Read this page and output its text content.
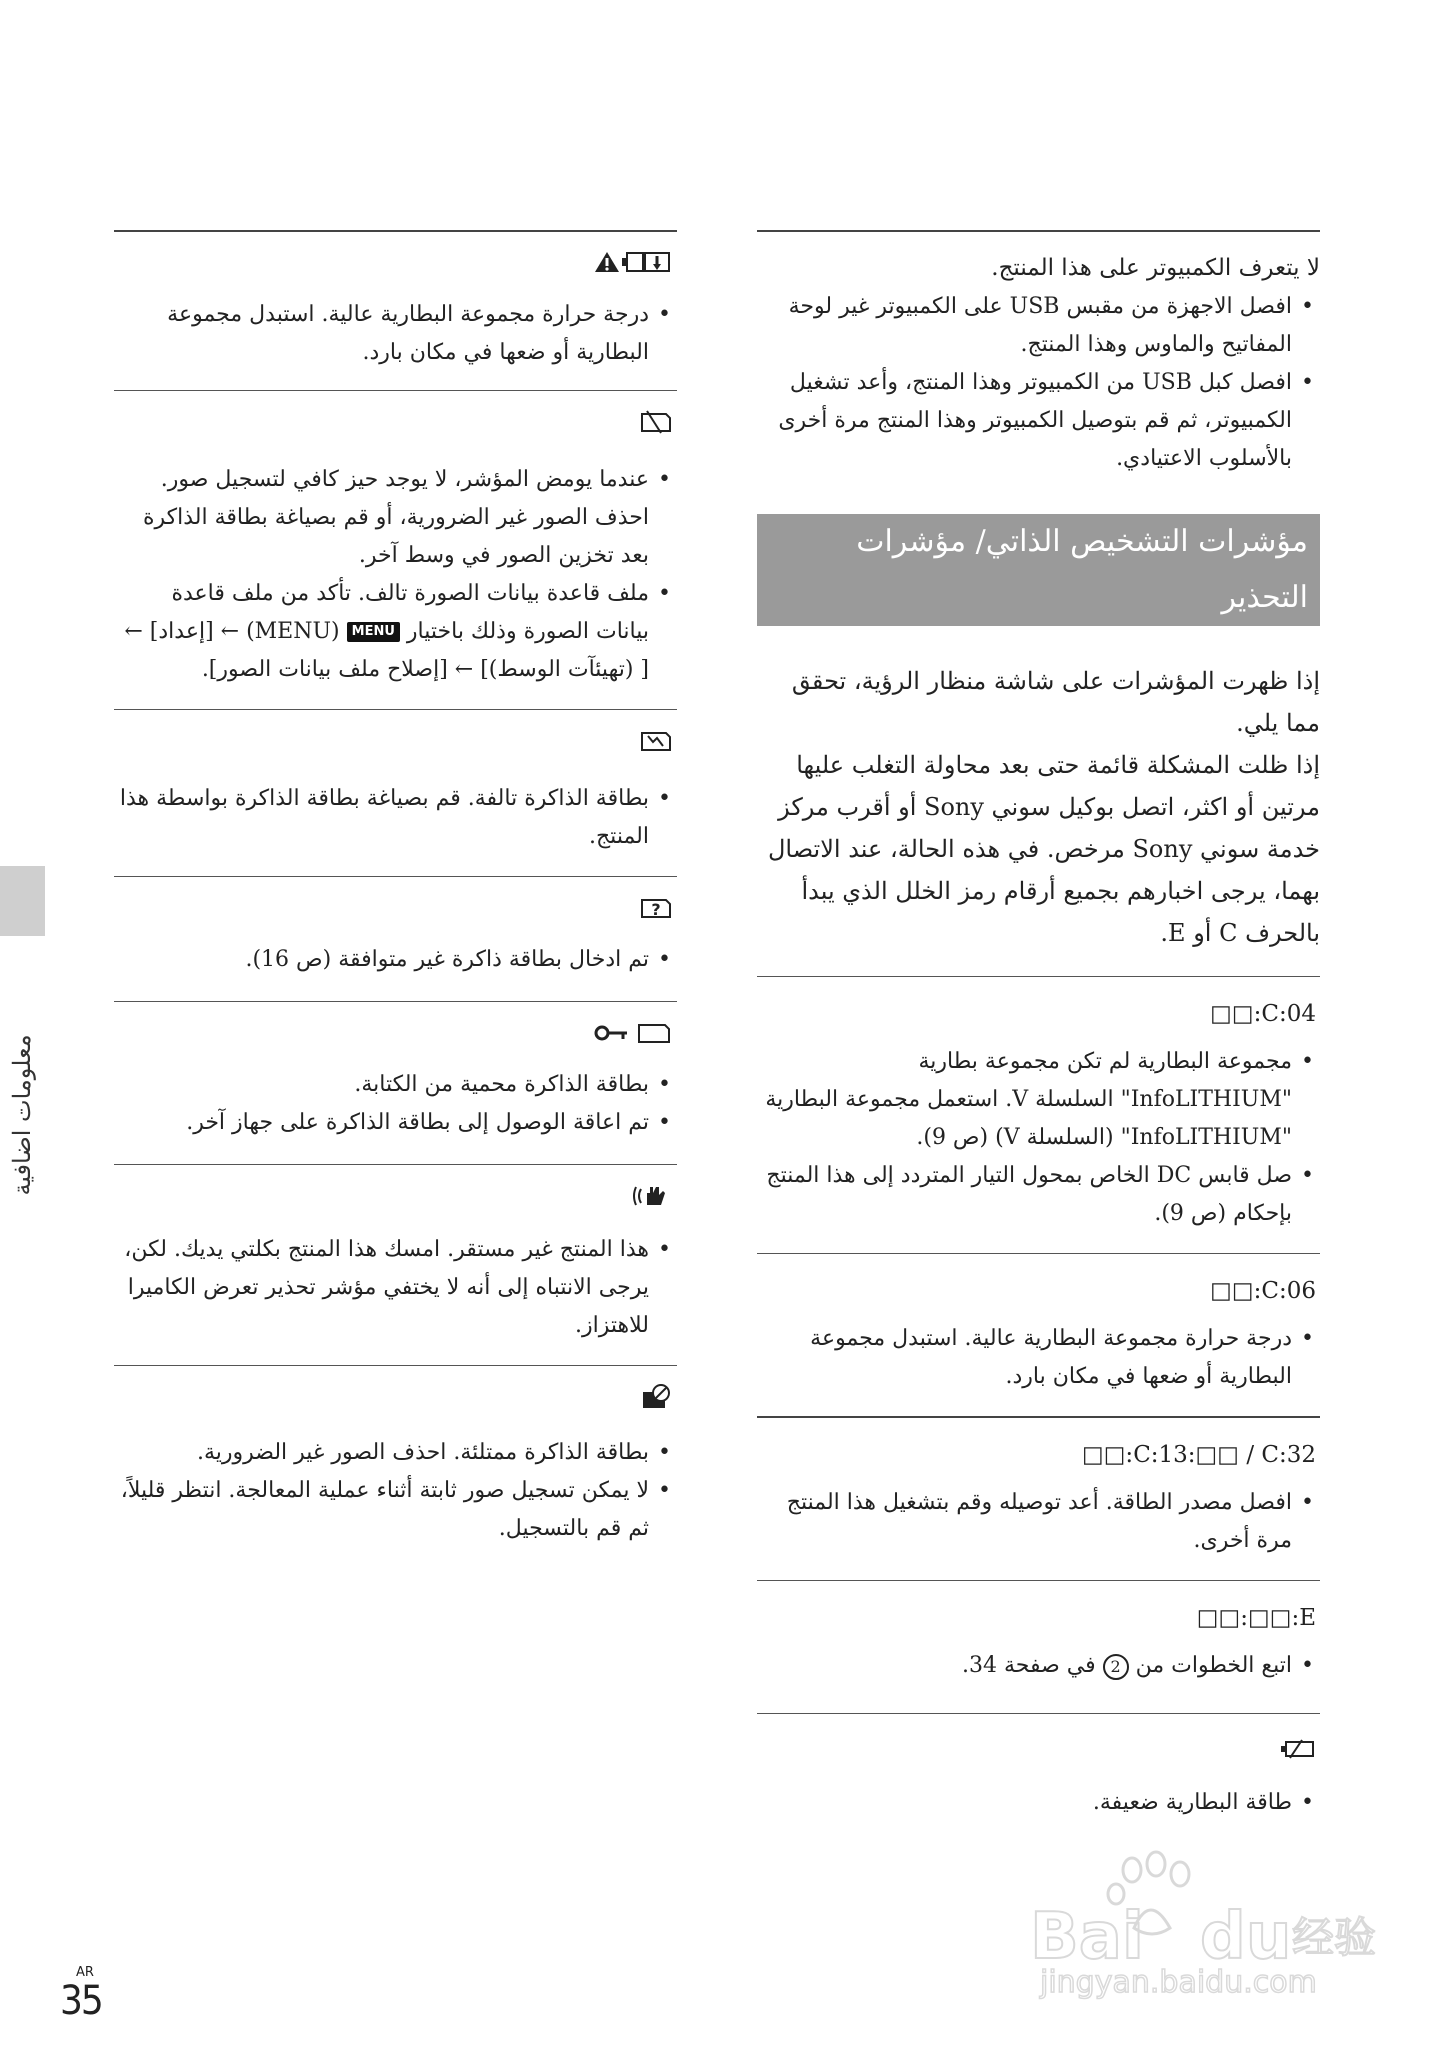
لا يتعرف الكمبيوتر على هذا المنتج.

• افصل الاجهزة من مقبس USB على الكمبيوتر غير لوحة المفاتيح والماوس وهذا المنتج.
• افصل كبل USB من الكمبيوتر وهذا المنتج، وأعد تشغيل الكمبيوتر، ثم قم بتوصيل الكمبيوتر وهذا المنتج مرة أخرى بالأسلوب الاعتيادي.
مؤشرات التشخيص الذاتي/ مؤشرات التحذير

إذا ظهرت المؤشرات على شاشة منظار الرؤية، تحقق مما يلي.

إذا ظلت المشكلة قائمة حتى بعد محاولة التغلب عليها مرتين أو اكثر، اتصل بوكيل سوني Sony أو أقرب مركز خدمة سوني Sony مرخص. في هذه الحالة، عند الاتصال بهما، يرجى اخبارهم بجميع أرقام رمز الخلل الذي يبدأ بالحرف C أو E.

C:04:□□
• مجموعة البطارية لم تكن مجموعة بطارية "InfoLITHIUM" السلسلة V. استعمل مجموعة البطارية "InfoLITHIUM" (السلسلة V) (ص 9).
• صل قابس DC الخاص بمحول التيار المتردد إلى هذا المنتج بإحكام (ص 9).
C:06:□□
• درجة حرارة مجموعة البطارية عالية. استبدل مجموعة البطارية أو ضعها في مكان بارد.
C:13:□□ / C:32:□□
• افصل مصدر الطاقة. أعد توصيله وقم بتشغيل هذا المنتج مرة أخرى.
E:□□:□□
• اتبع الخطوات من 2 في صفحة 34.
• طاقة البطارية ضعيفة.
• درجة حرارة مجموعة البطارية عالية. استبدل مجموعة البطارية أو ضعها في مكان بارد.
• عندما يومض المؤشر، لا يوجد حيز كافي لتسجيل صور. احذف الصور غير الضرورية، أو قم بصياغة بطاقة الذاكرة بعد تخزين الصور في وسط آخر.
• ملف قاعدة بيانات الصورة تالف. تأكد من ملف قاعدة بيانات الصورة وذلك باختيار MENU (MENU) ← [إعداد] ← [ (تهيئآت الوسط)] ← [إصلاح ملف بيانات الصور].
• بطاقة الذاكرة تالفة. قم بصياغة بطاقة الذاكرة بواسطة هذا المنتج.
?
• تم ادخال بطاقة ذاكرة غير متوافقة (ص 16).
• بطاقة الذاكرة محمية من الكتابة.
• تم اعاقة الوصول إلى بطاقة الذاكرة على جهاز آخر.
• هذا المنتج غير مستقر. امسك هذا المنتج بكلتي يديك. لكن، يرجى الانتباه إلى أنه لا يختفي مؤشر تحذير تعرض الكاميرا للاهتزاز.
• بطاقة الذاكرة ممتلئة. احذف الصور غير الضرورية.
• لا يمكن تسجيل صور ثابتة أثناء عملية المعالجة. انتظر قليلاً، ثم قم بالتسجيل.
معلومات اضافية
AR
35
Bai du 经验
jingyan.baidu.com
